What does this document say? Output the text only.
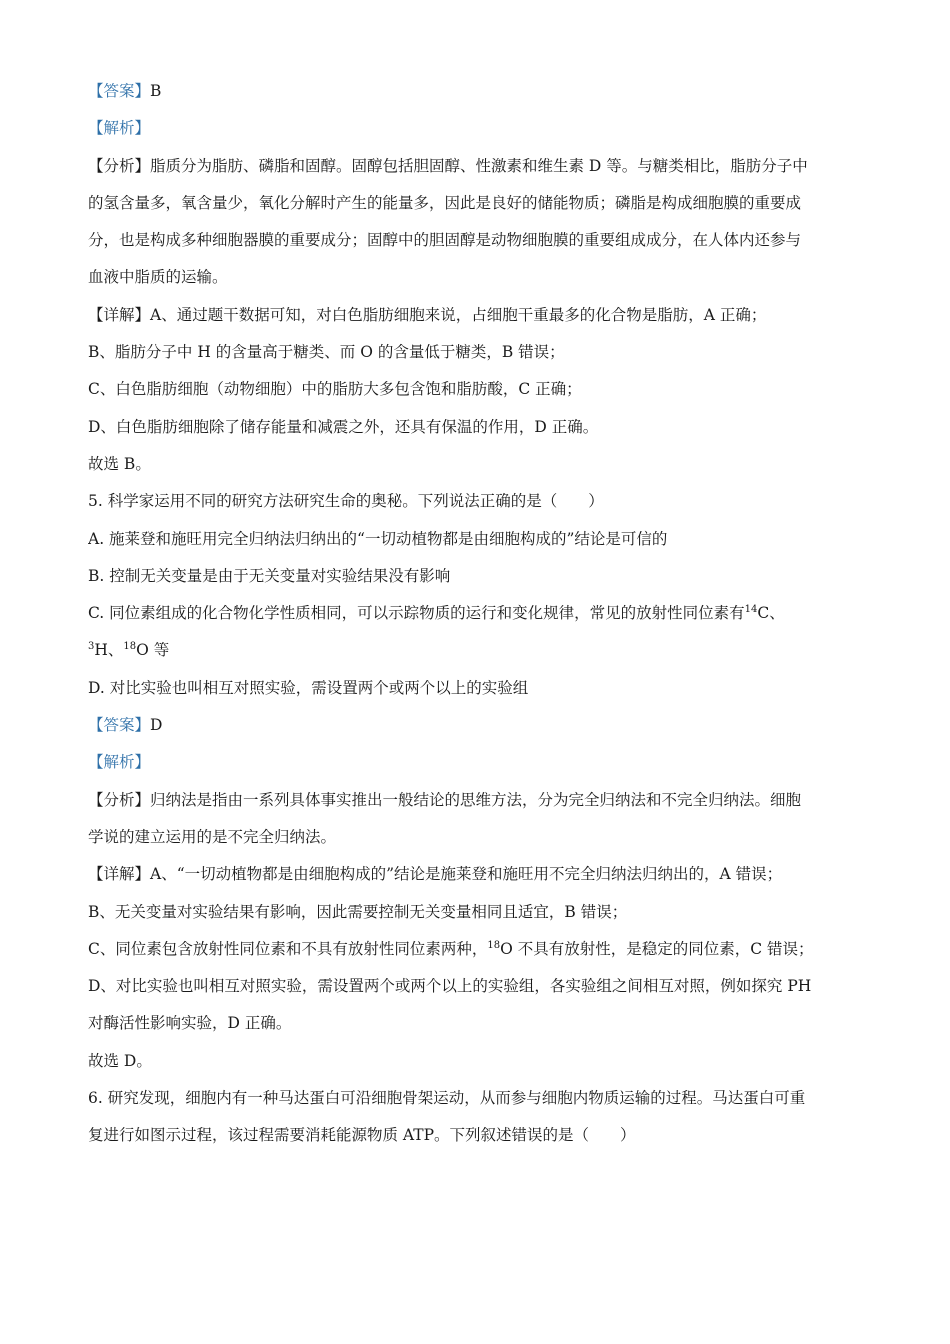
【答案】B
【解析】
【分析】脂质分为脂肪、磷脂和固醇。固醇包括胆固醇、性激素和维生素 D 等。与糖类相比，脂肪分子中
的氢含量多，氧含量少，氧化分解时产生的能量多，因此是良好的储能物质；磷脂是构成细胞膜的重要成
分，也是构成多种细胞器膜的重要成分；固醇中的胆固醇是动物细胞膜的重要组成成分，在人体内还参与
血液中脂质的运输。
【详解】A、通过题干数据可知，对白色脂肪细胞来说，占细胞干重最多的化合物是脂肪，A 正确；
B、脂肪分子中 H 的含量高于糖类、而 O 的含量低于糖类，B 错误；
C、白色脂肪细胞（动物细胞）中的脂肪大多包含饱和脂肪酸，C 正确；
D、白色脂肪细胞除了储存能量和减震之外，还具有保温的作用，D 正确。
故选 B。
5. 科学家运用不同的研究方法研究生命的奥秘。下列说法正确的是（　　）
A. 施莱登和施旺用完全归纳法归纳出的“一切动植物都是由细胞构成的”结论是可信的
B. 控制无关变量是由于无关变量对实验结果没有影响
C. 同位素组成的化合物化学性质相同，可以示踪物质的运行和变化规律，常见的放射性同位素有$^{14}$C、
$^3$H、$^{18}$O 等
D. 对比实验也叫相互对照实验，需设置两个或两个以上的实验组
【答案】D
【解析】
【分析】归纳法是指由一系列具体事实推出一般结论的思维方法，分为完全归纳法和不完全归纳法。细胞
学说的建立运用的是不完全归纳法。
【详解】A、“一切动植物都是由细胞构成的”结论是施莱登和施旺用不完全归纳法归纳出的，A 错误；
B、无关变量对实验结果有影响，因此需要控制无关变量相同且适宜，B 错误；
C、同位素包含放射性同位素和不具有放射性同位素两种，$^{18}$O 不具有放射性，是稳定的同位素，C 错误；
D、对比实验也叫相互对照实验，需设置两个或两个以上的实验组，各实验组之间相互对照，例如探究 PH
对酶活性影响实验，D 正确。
故选 D。
6. 研究发现，细胞内有一种马达蛋白可沿细胞骨架运动，从而参与细胞内物质运输的过程。马达蛋白可重
复进行如图示过程，该过程需要消耗能源物质 ATP。下列叙述错误的是（　　）
